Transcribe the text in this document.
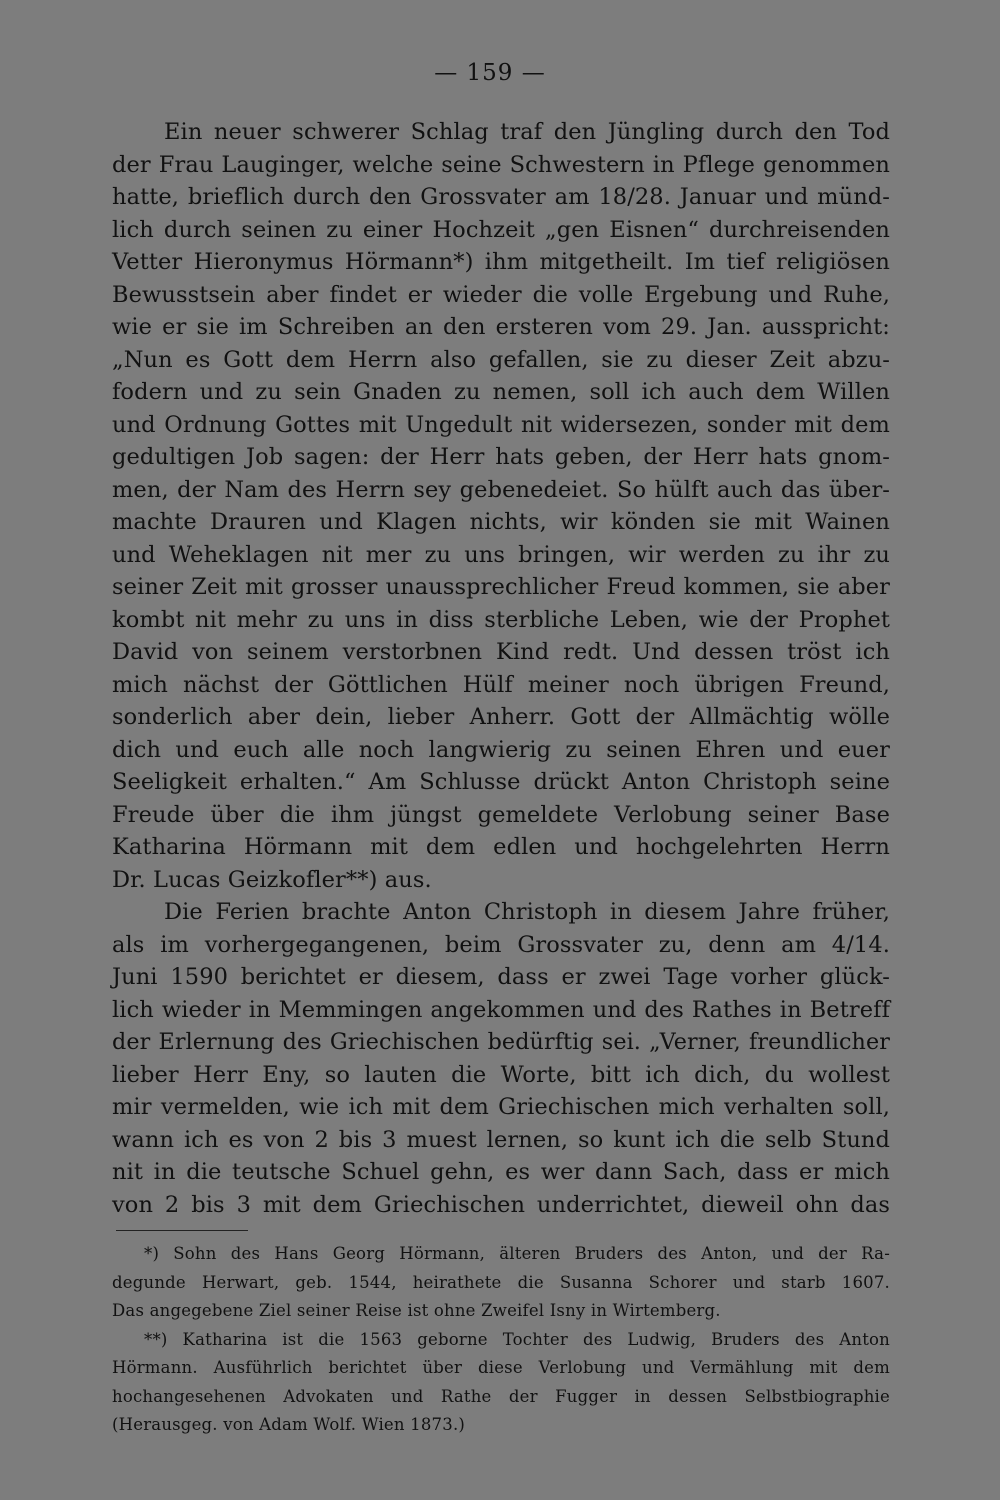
— 159 —
Ein neuer schwerer Schlag traf den Jüngling durch den Tod
der Frau Lauginger, welche seine Schwestern in Pflege genommen
hatte, brieflich durch den Grossvater am 18/28. Januar und münd-
lich durch seinen zu einer Hochzeit „gen Eisnen“ durchreisenden
Vetter Hieronymus Hörmann*) ihm mitgetheilt. Im tief religiösen
Bewusstsein aber findet er wieder die volle Ergebung und Ruhe,
wie er sie im Schreiben an den ersteren vom 29. Jan. ausspricht:
„Nun es Gott dem Herrn also gefallen, sie zu dieser Zeit abzu-
fodern und zu sein Gnaden zu nemen, soll ich auch dem Willen
und Ordnung Gottes mit Ungedult nit widersezen, sonder mit dem
gedultigen Job sagen: der Herr hats geben, der Herr hats gnom-
men, der Nam des Herrn sey gebenedeiet. So hülft auch das über-
machte Drauren und Klagen nichts, wir könden sie mit Wainen
und Weheklagen nit mer zu uns bringen, wir werden zu ihr zu
seiner Zeit mit grosser unaussprechlicher Freud kommen, sie aber
kombt nit mehr zu uns in diss sterbliche Leben, wie der Prophet
David von seinem verstorbnen Kind redt. Und dessen tröst ich
mich nächst der Göttlichen Hülf meiner noch übrigen Freund,
sonderlich aber dein, lieber Anherr. Gott der Allmächtig wölle
dich und euch alle noch langwierig zu seinen Ehren und euer
Seeligkeit erhalten.“ Am Schlusse drückt Anton Christoph seine
Freude über die ihm jüngst gemeldete Verlobung seiner Base
Katharina Hörmann mit dem edlen und hochgelehrten Herrn
Dr. Lucas Geizkofler**) aus.
Die Ferien brachte Anton Christoph in diesem Jahre früher,
als im vorhergegangenen, beim Grossvater zu, denn am 4/14.
Juni 1590 berichtet er diesem, dass er zwei Tage vorher glück-
lich wieder in Memmingen angekommen und des Rathes in Betreff
der Erlernung des Griechischen bedürftig sei. „Verner, freundlicher
lieber Herr Eny, so lauten die Worte, bitt ich dich, du wollest
mir vermelden, wie ich mit dem Griechischen mich verhalten soll,
wann ich es von 2 bis 3 muest lernen, so kunt ich die selb Stund
nit in die teutsche Schuel gehn, es wer dann Sach, dass er mich
von 2 bis 3 mit dem Griechischen underrichtet, dieweil ohn das
*) Sohn des Hans Georg Hörmann, älteren Bruders des Anton, und der Ra-
degunde Herwart, geb. 1544, heirathete die Susanna Schorer und starb 1607.
Das angegebene Ziel seiner Reise ist ohne Zweifel Isny in Wirtemberg.
**) Katharina ist die 1563 geborne Tochter des Ludwig, Bruders des Anton
Hörmann. Ausführlich berichtet über diese Verlobung und Vermählung mit dem
hochangesehenen Advokaten und Rathe der Fugger in dessen Selbstbiographie
(Herausgeg. von Adam Wolf. Wien 1873.)
